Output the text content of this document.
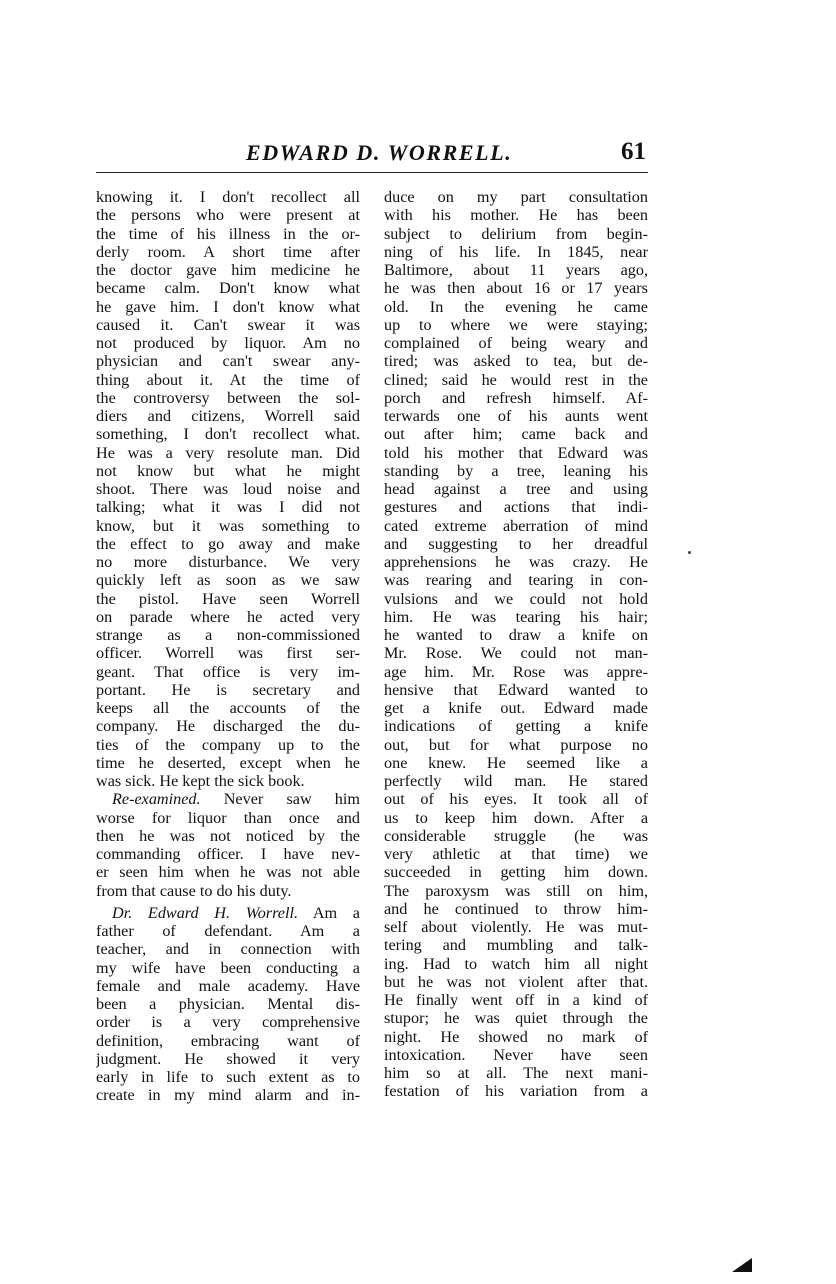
EDWARD D. WORRELL.	61
knowing it. I don't recollect all
the persons who were present at
the time of his illness in the or-
derly room. A short time after
the doctor gave him medicine he
became calm. Don't know what
he gave him. I don't know what
caused it. Can't swear it was
not produced by liquor. Am no
physician and can't swear any-
thing about it. At the time of
the controversy between the sol-
diers and citizens, Worrell said
something, I don't recollect what.
He was a very resolute man. Did
not know but what he might
shoot. There was loud noise and
talking; what it was I did not
know, but it was something to
the effect to go away and make
no more disturbance. We very
quickly left as soon as we saw
the pistol. Have seen Worrell
on parade where he acted very
strange as a non-commissioned
officer. Worrell was first ser-
geant. That office is very im-
portant. He is secretary and
keeps all the accounts of the
company. He discharged the du-
ties of the company up to the
time he deserted, except when he
was sick. He kept the sick book.
Re-examined. Never saw him
worse for liquor than once and
then he was not noticed by the
commanding officer. I have nev-
er seen him when he was not able
from that cause to do his duty.
Dr. Edward H. Worrell. Am a
father of defendant. Am a
teacher, and in connection with
my wife have been conducting a
female and male academy. Have
been a physician. Mental dis-
order is a very comprehensive
definition, embracing want of
judgment. He showed it very
early in life to such extent as to
create in my mind alarm and in-
duce on my part consultation
with his mother. He has been
subject to delirium from begin-
ning of his life. In 1845, near
Baltimore, about 11 years ago,
he was then about 16 or 17 years
old. In the evening he came
up to where we were staying;
complained of being weary and
tired; was asked to tea, but de-
clined; said he would rest in the
porch and refresh himself. Af-
terwards one of his aunts went
out after him; came back and
told his mother that Edward was
standing by a tree, leaning his
head against a tree and using
gestures and actions that indi-
cated extreme aberration of mind
and suggesting to her dreadful
apprehensions he was crazy. He
was rearing and tearing in con-
vulsions and we could not hold
him. He was tearing his hair;
he wanted to draw a knife on
Mr. Rose. We could not man-
age him. Mr. Rose was appre-
hensive that Edward wanted to
get a knife out. Edward made
indications of getting a knife
out, but for what purpose no
one knew. He seemed like a
perfectly wild man. He stared
out of his eyes. It took all of
us to keep him down. After a
considerable struggle (he was
very athletic at that time) we
succeeded in getting him down.
The paroxysm was still on him,
and he continued to throw him-
self about violently. He was mut-
tering and mumbling and talk-
ing. Had to watch him all night
but he was not violent after that.
He finally went off in a kind of
stupor; he was quiet through the
night. He showed no mark of
intoxication. Never have seen
him so at all. The next mani-
festation of his variation from a
